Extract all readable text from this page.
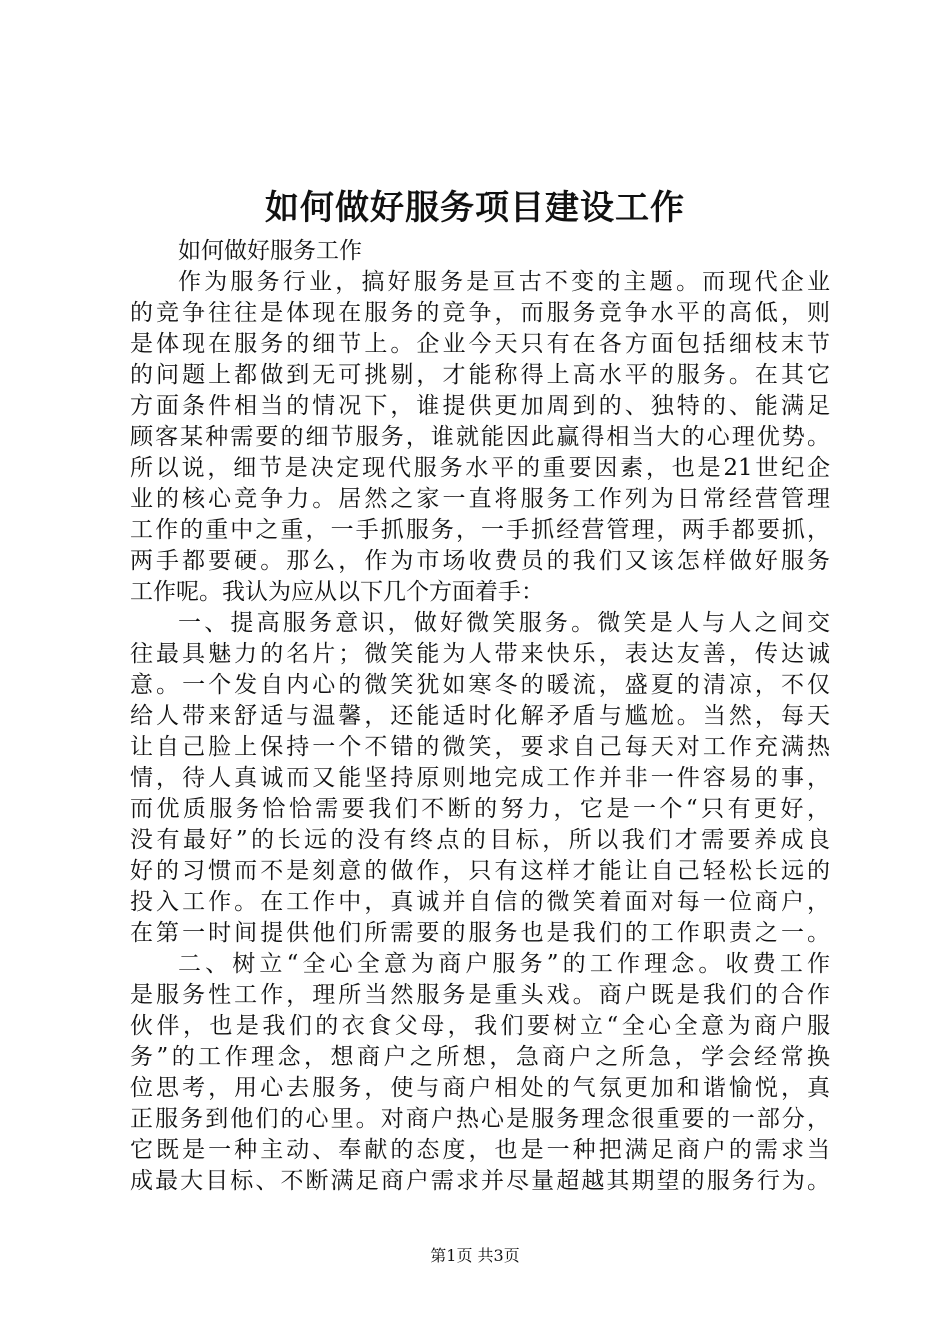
如何做好服务项目建设工作
如何做好服务工作
作为服务行业，搞好服务是亘古不变的主题。而现代企业
的竞争往往是体现在服务的竞争，而服务竞争水平的高低，则
是体现在服务的细节上。企业今天只有在各方面包括细枝末节
的问题上都做到无可挑剔，才能称得上高水平的服务。在其它
方面条件相当的情况下，谁提供更加周到的、独特的、能满足
顾客某种需要的细节服务，谁就能因此赢得相当大的心理优势。
所以说，细节是决定现代服务水平的重要因素，也是21世纪企
业的核心竞争力。居然之家一直将服务工作列为日常经营管理
工作的重中之重，一手抓服务，一手抓经营管理，两手都要抓，
两手都要硬。那么，作为市场收费员的我们又该怎样做好服务
工作呢。我认为应从以下几个方面着手：
一、提高服务意识，做好微笑服务。微笑是人与人之间交
往最具魅力的名片；微笑能为人带来快乐，表达友善，传达诚
意。一个发自内心的微笑犹如寒冬的暖流，盛夏的清凉，不仅
给人带来舒适与温馨，还能适时化解矛盾与尴尬。当然，每天
让自己脸上保持一个不错的微笑，要求自己每天对工作充满热
情，待人真诚而又能坚持原则地完成工作并非一件容易的事，
而优质服务恰恰需要我们不断的努力，它是一个“只有更好，
没有最好”的长远的没有终点的目标，所以我们才需要养成良
好的习惯而不是刻意的做作，只有这样才能让自己轻松长远的
投入工作。在工作中，真诚并自信的微笑着面对每一位商户，
在第一时间提供他们所需要的服务也是我们的工作职责之一。
二、树立“全心全意为商户服务”的工作理念。收费工作
是服务性工作，理所当然服务是重头戏。商户既是我们的合作
伙伴，也是我们的衣食父母，我们要树立“全心全意为商户服
务”的工作理念，想商户之所想，急商户之所急，学会经常换
位思考，用心去服务，使与商户相处的气氛更加和谐愉悦，真
正服务到他们的心里。对商户热心是服务理念很重要的一部分，
它既是一种主动、奉献的态度，也是一种把满足商户的需求当
成最大目标、不断满足商户需求并尽量超越其期望的服务行为。
第1页 共3页
